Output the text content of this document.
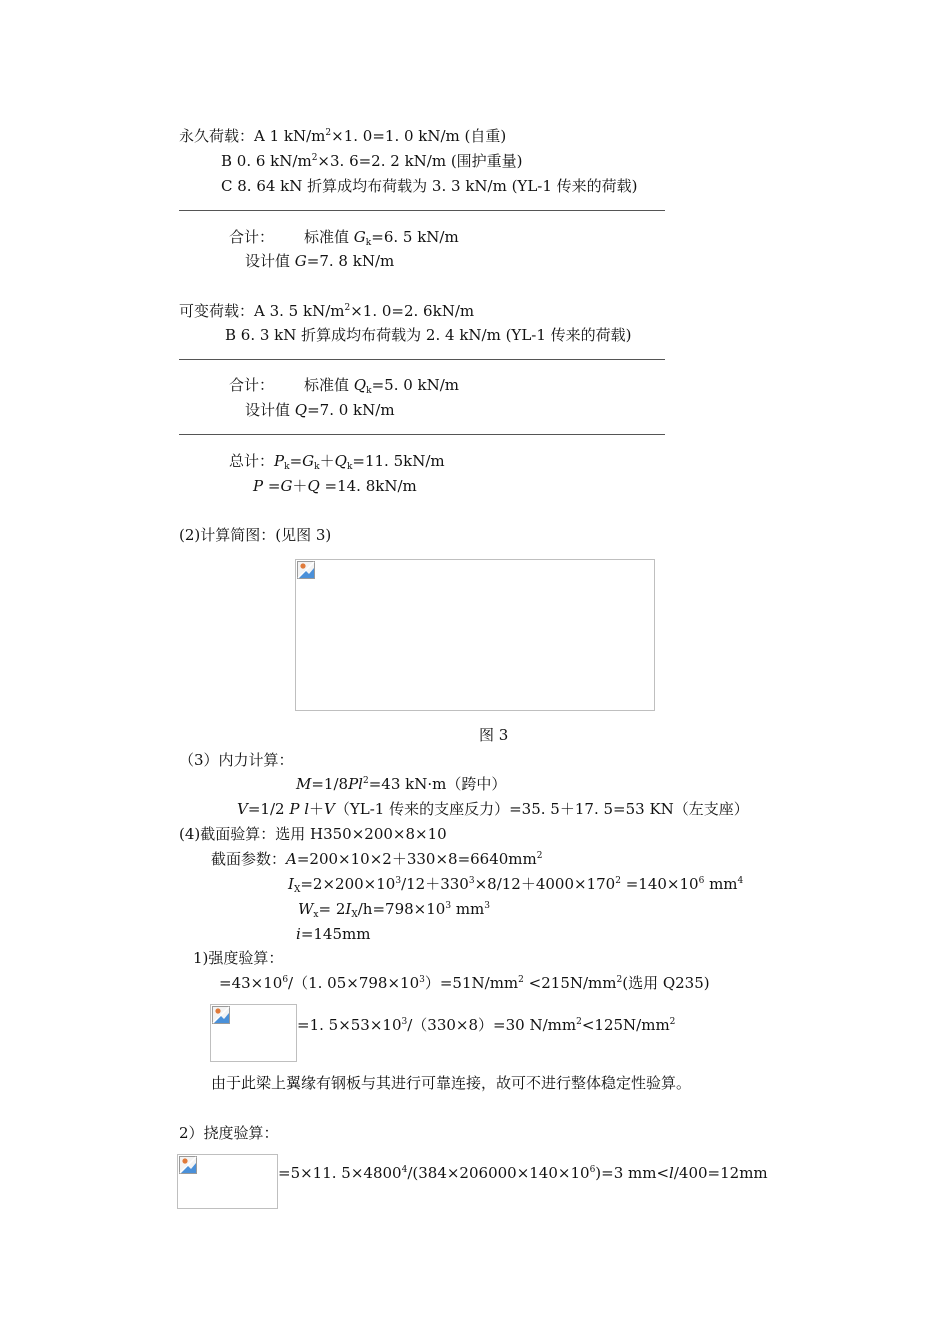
永久荷载：A 1 $kN/m^2\times 1$. 0=1. 0 kN/m (自重)
B 0. 6 $kN/m^2\times 3$. 6=2. 2 kN/m (围护重量)
C 8. 64 kN 折算成均布荷载为 3. 3 kN/m (YL-1 传来的荷载)
合计： 标准值 $G_k=6$. 5 kN/m
设计值 G=7. 8 kN/m
可变荷载：A 3. 5 $kN/m^2\times 1$. 0=2. 6kN/m
B 6. 3 kN 折算成均布荷载为 2. 4 kN/m (YL-1 传来的荷载)
合计： 标准值 $Q_k=5$. 0 kN/m
设计值 Q=7. 0 kN/m
总计：$P_k=G_k+Q_k=11$. 5kN/m
P =G＋Q =14. 8kN/m
(2)计算简图：(见图 3)
图 3
（3）内力计算：
$M=1/8Pl^2=43$ kN·m（跨中）
V=1/2 P l＋V（YL-1 传来的支座反力）=35. 5＋17. 5=53 KN（左支座）
(4)截面验算：选用 H350×200×8×10
截面参数：$A=200\times 10\times 2+330\times 8=6640mm^2$
$I_X=2\times 200\times 10^3/12+330^3\times 8/12+4000\times 170^2 =140\times 10^6$ $mm^4$
$W_x= 2I_X/h=798\times 10^3$ $mm^3$
i=145mm
1)强度验算：
$=43\times 10^6/(1$. $05\times 798\times 10^3)=51N/mm^2 <215N/mm^2$(选用 Q235)
=1. $5\times 53\times 10^3/(330\times 8)=30$ $N/mm^2<125N/mm^2$
由于此梁上翼缘有钢板与其进行可靠连接，故可不进行整体稳定性验算。
2）挠度验算：
=5×11. $5\times 4800^4/(384\times 206000\times 140\times 10^6)=3$ mm<l/400=12mm
